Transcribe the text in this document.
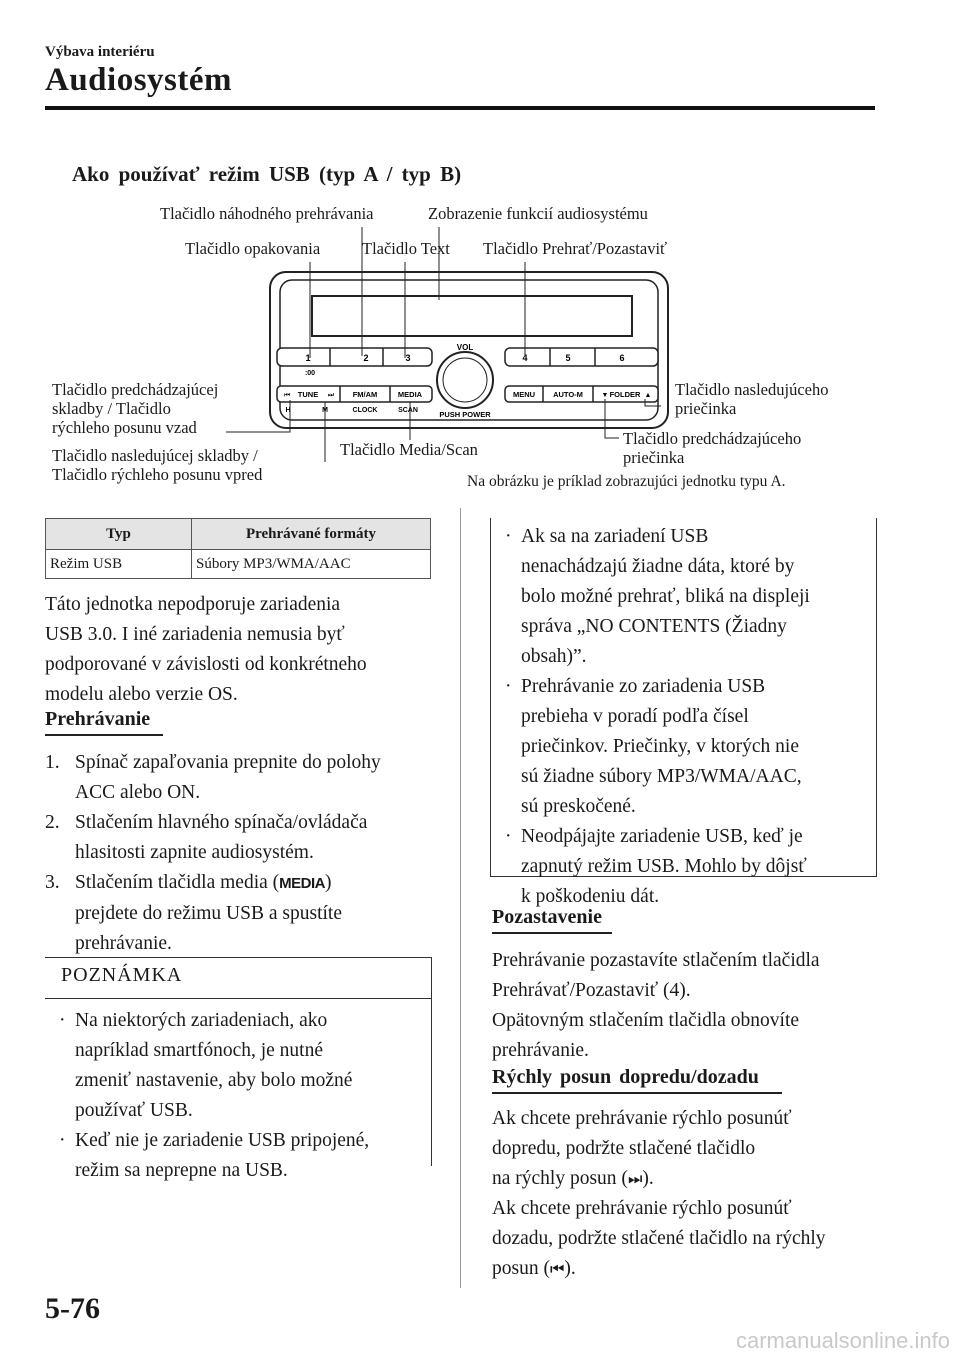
Výbava interiéru
Audiosystém
Ako používať režim USB (typ A / typ B)
1	2	3	4	5	6
:00
VOL
PUSH POWER
TUNE
⏮	⏭ FM/AM	MEDIA
H	M	CLOCK	SCAN
MENU AUTO-M	FOLDER
▼	▲
Tlačidlo náhodného prehrávania	Zobrazenie funkcií audiosystému
Tlačidlo opakovania	Tlačidlo Text Tlačidlo Prehrať/Pozastaviť
Tlačidlo predchádzajúcej
skladby / Tlačidlo
rýchleho posunu vzad
Tlačidlo nasledujúcej skladby /
Tlačidlo rýchleho posunu vpred
Tlačidlo Media/Scan
Tlačidlo nasledujúceho
priečinka
Tlačidlo predchádzajúceho
priečinka
Na obrázku je príklad zobrazujúci jednotku typu A.
Typ	Prehrávané formáty
Režim USB	Súbory MP3/WMA/AAC
Táto jednotka nepodporuje zariadenia
USB 3.0. I iné zariadenia nemusia byť
podporované v závislosti od konkrétneho
modelu alebo verzie OS.
Prehrávanie
1. Spínač zapaľovania prepnite do polohy
ACC alebo ON.
2. Stlačením hlavného spínača/ovládača
hlasitosti zapnite audiosystém.
3. Stlačením tlačidla media (MEDIA)
prejdete do režimu USB a spustíte
prehrávanie.
POZNÁMKA
· Na niektorých zariadeniach, ako
napríklad smartfónoch, je nutné
zmeniť nastavenie, aby bolo možné
používať USB.
· Keď nie je zariadenie USB pripojené,
režim sa neprepne na USB.
· Ak sa na zariadení USB
nenachádzajú žiadne dáta, ktoré by
bolo možné prehrať, bliká na displeji
správa „NO CONTENTS (Žiadny
obsah)”.
· Prehrávanie zo zariadenia USB
prebieha v poradí podľa čísel
priečinkov. Priečinky, v ktorých nie
sú žiadne súbory MP3/WMA/AAC,
sú preskočené.
· Neodpájajte zariadenie USB, keď je
zapnutý režim USB. Mohlo by dôjsť
k poškodeniu dát.
Pozastavenie
Prehrávanie pozastavíte stlačením tlačidla
Prehrávať/Pozastaviť (4).
Opätovným stlačením tlačidla obnovíte
prehrávanie.
Rýchly posun dopredu/dozadu
Ak chcete prehrávanie rýchlo posunúť
dopredu, podržte stlačené tlačidlo
na rýchly posun (⏭).
Ak chcete prehrávanie rýchlo posunúť
dozadu, podržte stlačené tlačidlo na rýchly
posun (⏮).
5-76
carmanualsonline.info
